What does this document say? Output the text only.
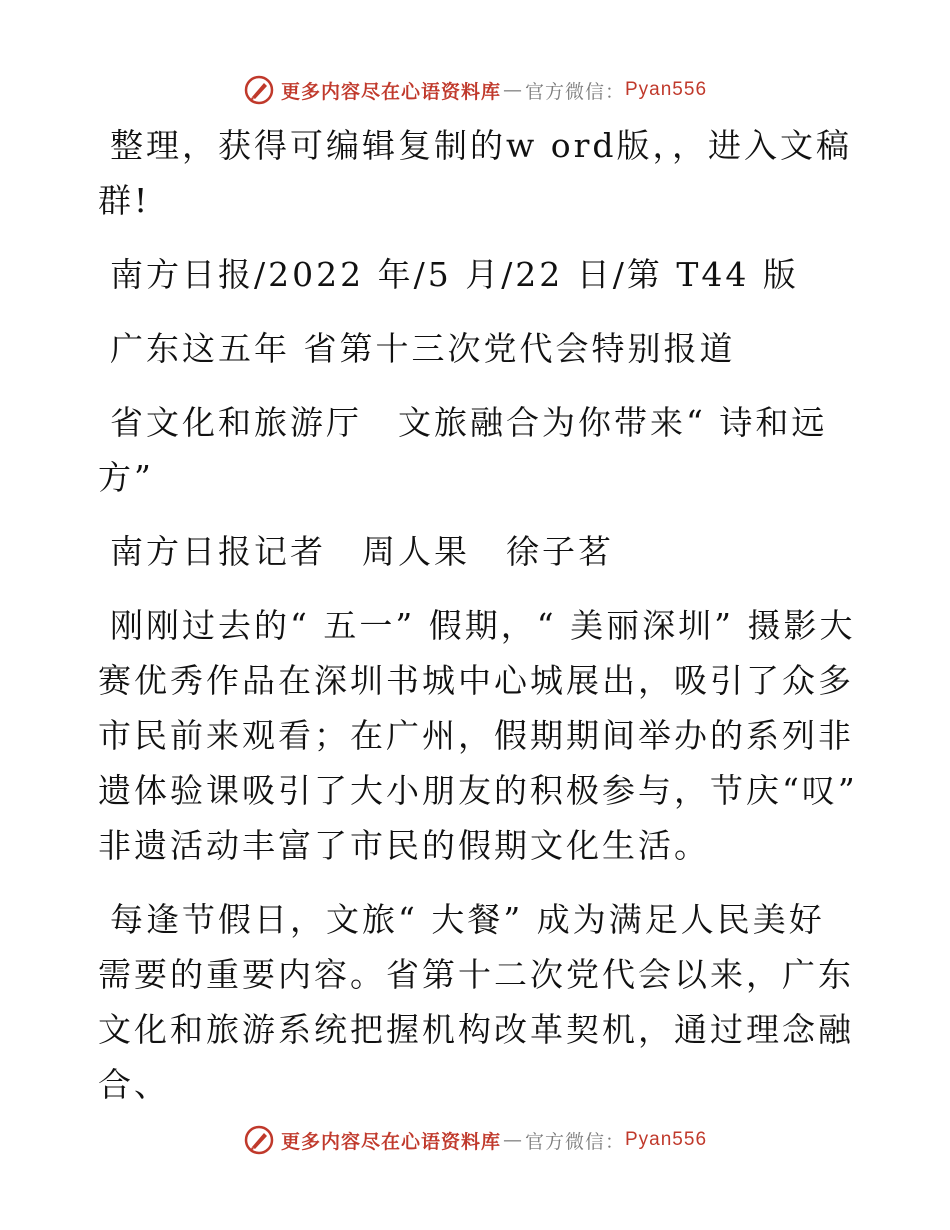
更多内容尽在心语资料库 — 官方微信： Pyan556

整理，获得可编辑复制的w ord版，，进入文稿群!

南方日报/2022 年/5 月/22 日/第 T44 版

广东这五年 省第十三次党代会特别报道

省文化和旅游厅　文旅融合为你带来“ 诗和远方”

南方日报记者　周人果　徐子茗

刚刚过去的“ 五一” 假期，“ 美丽深圳” 摄影大赛优秀作品在深圳书城中心城展出，吸引了众多市民前来观看；在广州，假期期间举办的系列非遗体验课吸引了大小朋友的积极参与，节庆“叹” 非遗活动丰富了市民的假期文化生活。

每逢节假日，文旅“ 大餐” 成为满足人民美好需要的重要内容。省第十二次党代会以来，广东文化和旅游系统把握机构改革契机，通过理念融合、

更多内容尽在心语资料库 — 官方微信： Pyan556
